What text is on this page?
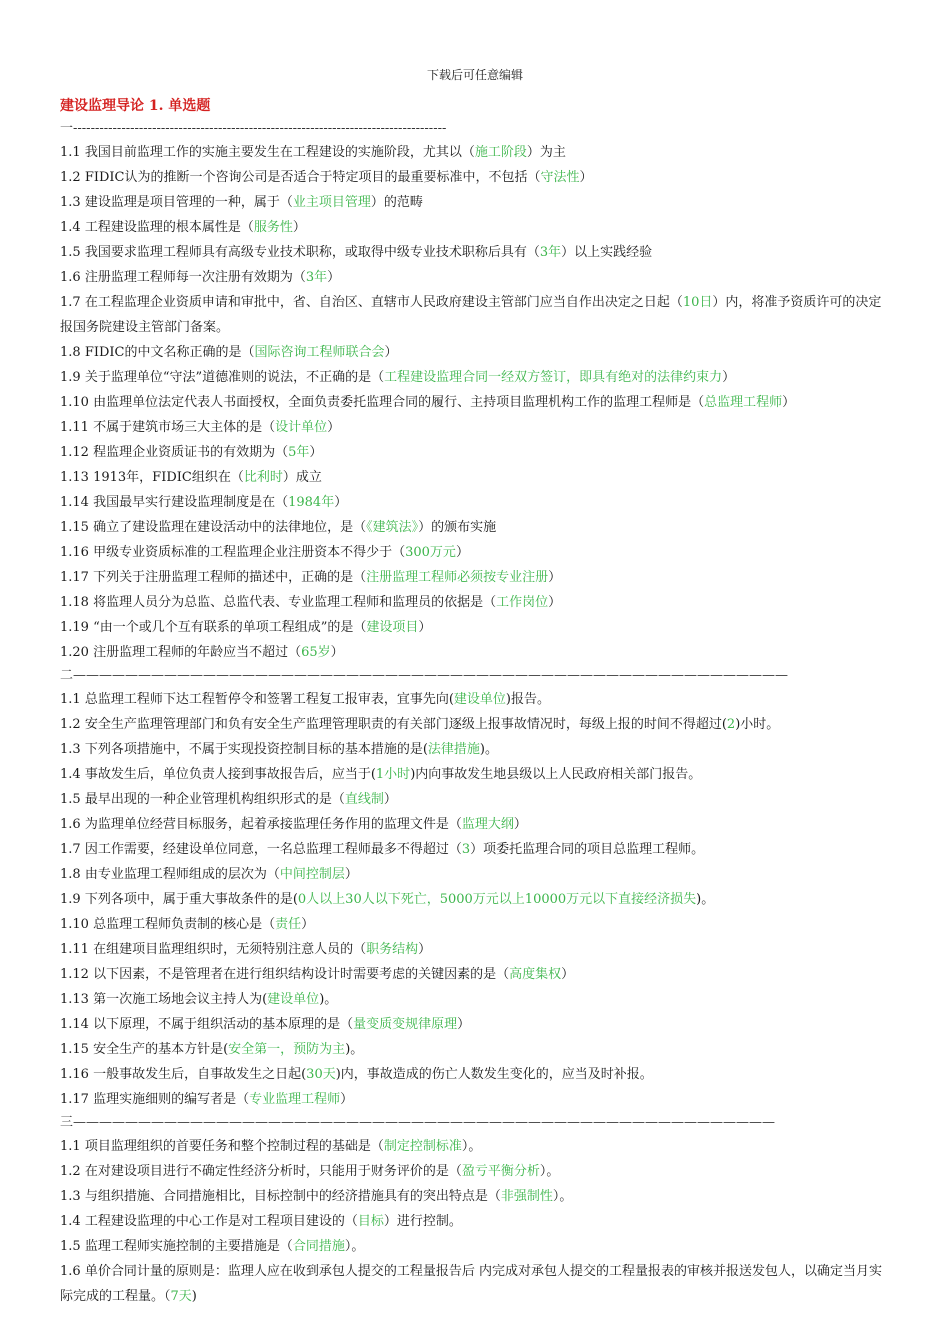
下载后可任意编辑
建设监理导论 1. 单选题
一-------------------------------------------------------------------------------------
1.1 我国目前监理工作的实施主要发生在工程建设的实施阶段，尤其以（施工阶段）为主
1.2 FIDIC认为的推断一个咨询公司是否适合于特定项目的最重要标准中，不包括（守法性）
1.3 建设监理是项目管理的一种，属于（业主项目管理）的范畴
1.4 工程建设监理的根本属性是（服务性）
1.5 我国要求监理工程师具有高级专业技术职称，或取得中级专业技术职称后具有（3年）以上实践经验
1.6 注册监理工程师每一次注册有效期为（3年）
1.7 在工程监理企业资质申请和审批中，省、自治区、直辖市人民政府建设主管部门应当自作出决定之日起（10日）内，将准予资质许可的决定报国务院建设主管部门备案。
1.8 FIDIC的中文名称正确的是（国际咨询工程师联合会）
1.9 关于监理单位“守法”道德准则的说法，不正确的是（工程建设监理合同一经双方签订，即具有绝对的法律约束力）
1.10 由监理单位法定代表人书面授权，全面负责委托监理合同的履行、主持项目监理机构工作的监理工程师是（总监理工程师）
1.11 不属于建筑市场三大主体的是（设计单位）
1.12 程监理企业资质证书的有效期为（5年）
1.13 1913年，FIDIC组织在（比利时）成立
1.14 我国最早实行建设监理制度是在（1984年）
1.15 确立了建设监理在建设活动中的法律地位，是（《建筑法》）的颁布实施
1.16 甲级专业资质标准的工程监理企业注册资本不得少于（300万元）
1.17 下列关于注册监理工程师的描述中，正确的是（注册监理工程师必须按专业注册）
1.18 将监理人员分为总监、总监代表、专业监理工程师和监理员的依据是（工作岗位）
1.19 “由一个或几个互有联系的单项工程组成”的是（建设项目）
1.20 注册监理工程师的年龄应当不超过（65岁）
二———————————————————————————————————————————————————————
1.1 总监理工程师下达工程暂停令和签署工程复工报审表，宜事先向(建设单位)报告。
1.2 安全生产监理管理部门和负有安全生产监理管理职责的有关部门逐级上报事故情况时，每级上报的时间不得超过(2)小时。
1.3 下列各项措施中，不属于实现投资控制目标的基本措施的是(法律措施)。
1.4 事故发生后，单位负责人接到事故报告后，应当于(1小时)内向事故发生地县级以上人民政府相关部门报告。
1.5 最早出现的一种企业管理机构组织形式的是（直线制）
1.6 为监理单位经营目标服务，起着承接监理任务作用的监理文件是（监理大纲）
1.7 因工作需要，经建设单位同意，一名总监理工程师最多不得超过（3）项委托监理合同的项目总监理工程师。
1.8 由专业监理工程师组成的层次为（中间控制层）
1.9 下列各项中，属于重大事故条件的是(0人以上30人以下死亡，5000万元以上10000万元以下直接经济损失)。
1.10 总监理工程师负责制的核心是（责任）
1.11 在组建项目监理组织时，无须特别注意人员的（职务结构）
1.12 以下因素，不是管理者在进行组织结构设计时需要考虑的关键因素的是（高度集权）
1.13 第一次施工场地会议主持人为(建设单位)。
1.14 以下原理，不属于组织活动的基本原理的是（量变质变规律原理）
1.15 安全生产的基本方针是(安全第一，预防为主)。
1.16 一般事故发生后，自事故发生之日起(30天)内，事故造成的伤亡人数发生变化的，应当及时补报。
1.17 监理实施细则的编写者是（专业监理工程师）
三——————————————————————————————————————————————————————
1.1 项目监理组织的首要任务和整个控制过程的基础是（制定控制标准）。
1.2 在对建设项目进行不确定性经济分析时，只能用于财务评价的是（盈亏平衡分析）。
1.3 与组织措施、合同措施相比，目标控制中的经济措施具有的突出特点是（非强制性）。
1.4 工程建设监理的中心工作是对工程项目建设的（目标）进行控制。
1.5 监理工程师实施控制的主要措施是（合同措施）。
1.6 单价合同计量的原则是：监理人应在收到承包人提交的工程量报告后 内完成对承包人提交的工程量报表的审核并报送发包人，以确定当月实际完成的工程量。（7天)
